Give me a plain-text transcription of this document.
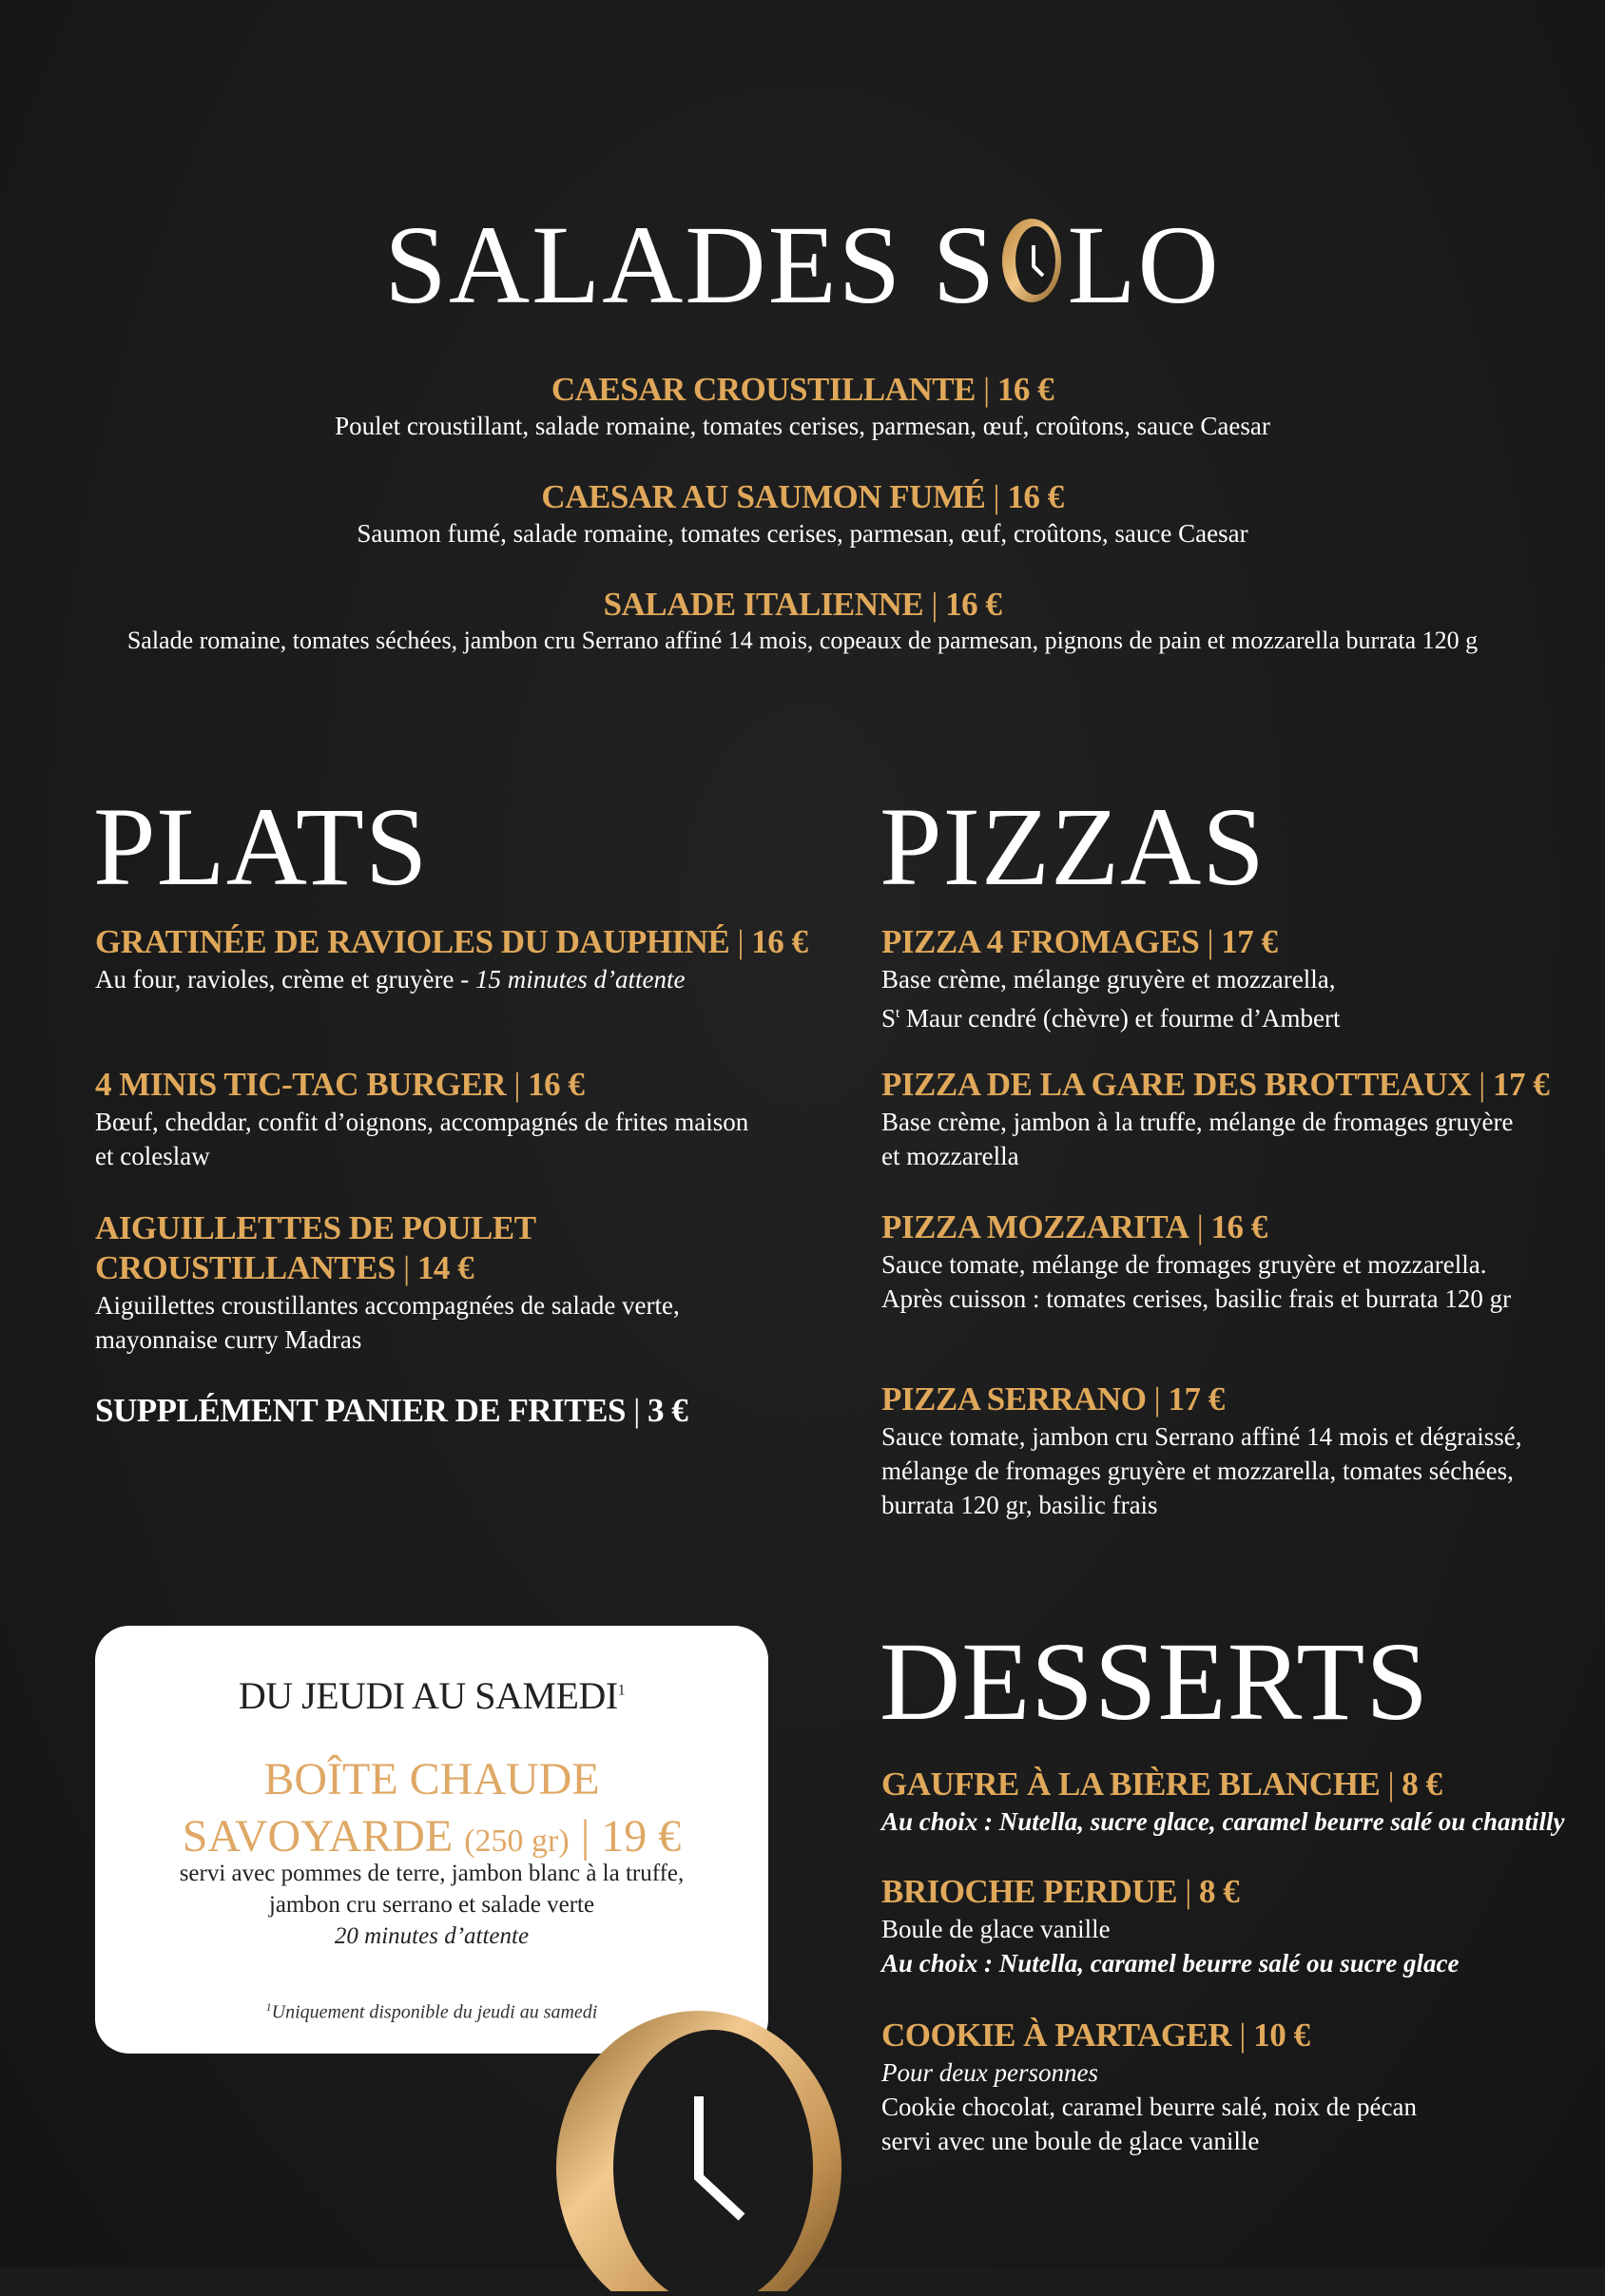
SALADES S LO
CAESAR CROUSTILLANTE | 16 €
Poulet croustillant, salade romaine, tomates cerises, parmesan, œuf, croûtons, sauce Caesar
CAESAR AU SAUMON FUMÉ | 16 €
Saumon fumé, salade romaine, tomates cerises, parmesan, œuf, croûtons, sauce Caesar
SALADE ITALIENNE | 16 €
Salade romaine, tomates séchées, jambon cru Serrano affiné 14 mois, copeaux de parmesan, pignons de pain et mozzarella burrata 120 g
PLATS
GRATINÉE DE RAVIOLES DU DAUPHINÉ | 16 €
Au four, ravioles, crème et gruyère - 15 minutes d’attente
4 MINIS TIC-TAC BURGER | 16 €
Bœuf, cheddar, confit d’oignons, accompagnés de frites maison
et coleslaw
AIGUILLETTES DE POULET
CROUSTILLANTES | 14 €
Aiguillettes croustillantes accompagnées de salade verte,
mayonnaise curry Madras
SUPPLÉMENT PANIER DE FRITES | 3 €
PIZZAS
PIZZA 4 FROMAGES | 17 €
Base crème, mélange gruyère et mozzarella,
$S^t$ Maur cendré (chèvre) et fourme d’Ambert
PIZZA DE LA GARE DES BROTTEAUX | 17 €
Base crème, jambon à la truffe, mélange de fromages gruyère
et mozzarella
PIZZA MOZZARITA | 16 €
Sauce tomate, mélange de fromages gruyère et mozzarella.
Après cuisson : tomates cerises, basilic frais et burrata 120 gr
PIZZA SERRANO | 17 €
Sauce tomate, jambon cru Serrano affiné 14 mois et dégraissé,
mélange de fromages gruyère et mozzarella, tomates séchées,
burrata 120 gr, basilic frais
DU JEUDI AU SAMEDI$^1$
BOÎTE CHAUDE
SAVOYARDE (250 gr) | 19 €
servi avec pommes de terre, jambon blanc à la truffe,
jambon cru serrano et salade verte
20 minutes d’attente
$^1$Uniquement disponible du jeudi au samedi
DESSERTS
GAUFRE À LA BIÈRE BLANCHE | 8 €
Au choix : Nutella, sucre glace, caramel beurre salé ou chantilly
BRIOCHE PERDUE | 8 €
Boule de glace vanille
Au choix : Nutella, caramel beurre salé ou sucre glace
COOKIE À PARTAGER | 10 €
Pour deux personnes
Cookie chocolat, caramel beurre salé, noix de pécan
servi avec une boule de glace vanille
